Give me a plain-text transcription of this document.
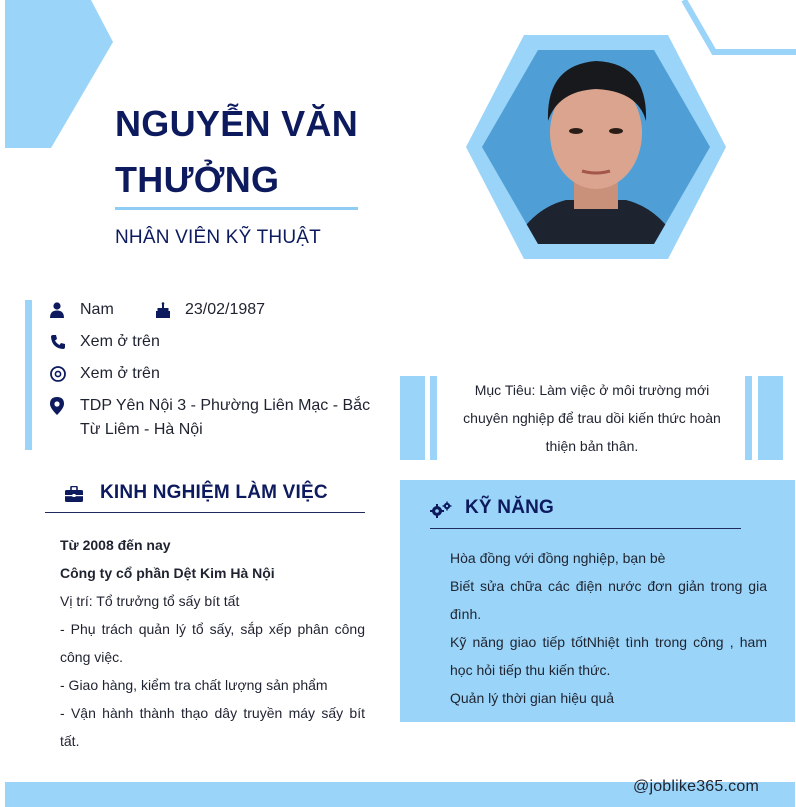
NGUYỄN VĂN THƯỞNG
NHÂN VIÊN KỸ THUẬT
Nam	23/02/1987
Xem ở trên
Xem ở trên
TDP Yên Nội 3 - Phường Liên Mạc - Bắc Từ Liêm - Hà Nội
Mục Tiêu: Làm việc ở môi trường mới chuyên nghiệp để trau dồi kiến thức hoàn thiện bản thân.
KINH NGHIỆM LÀM VIỆC
Từ 2008 đến nay
Công ty cổ phần Dệt Kim Hà Nội
Vị trí: Tổ trưởng tổ sấy bít tất
- Phụ trách quản lý tổ sấy, sắp xếp phân công công việc.
- Giao hàng, kiểm tra chất lượng sản phẩm
- Vận hành thành thạo dây truyền máy sấy bít tất.
KỸ NĂNG
Hòa đồng với đồng nghiệp, bạn bè
Biết sửa chữa các điện nước đơn giản trong gia đình.
Kỹ năng giao tiếp tốtNhiệt tình trong công , ham học hỏi tiếp thu kiến thức.
Quản lý thời gian hiệu quả
@joblike365.com
